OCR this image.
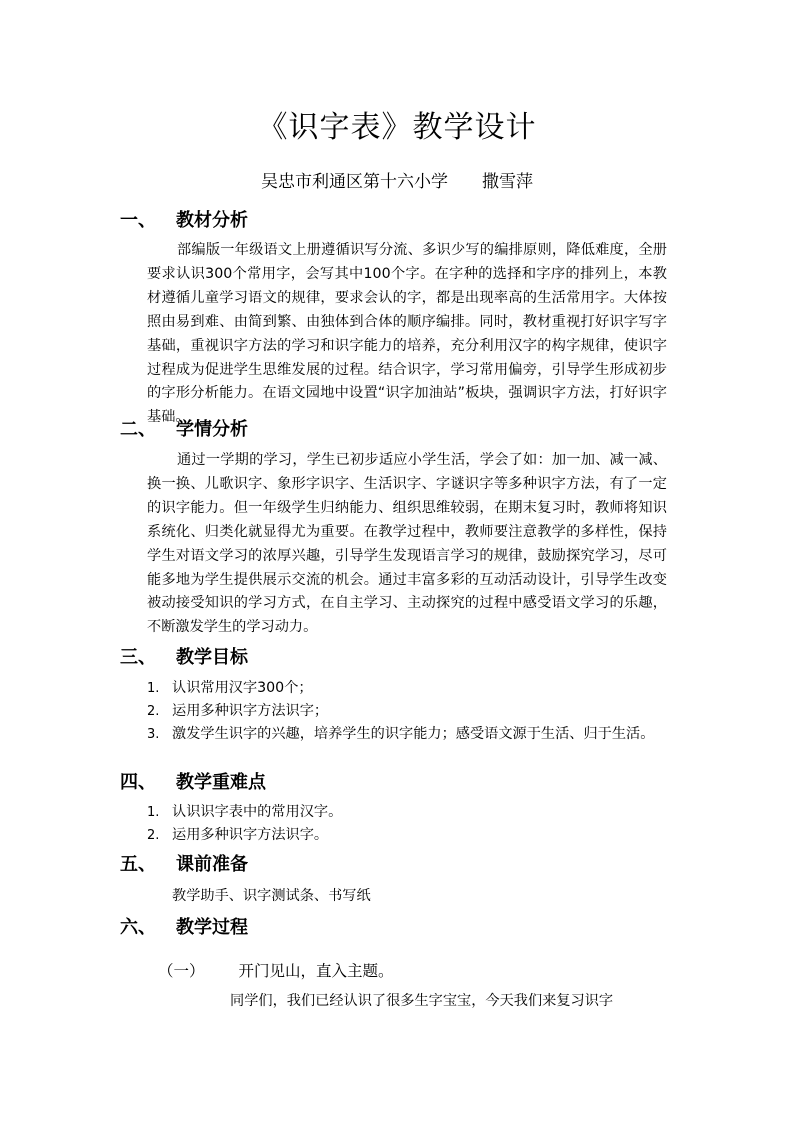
《识字表》教学设计
吴忠市利通区第十六小学 撒雪萍
一、 教材分析
部编版一年级语文上册遵循识写分流、多识少写的编排原则，降低难度，全册要求认识300个常用字，会写其中100个字。在字种的选择和字序的排列上，本教材遵循儿童学习语文的规律，要求会认的字，都是出现率高的生活常用字。大体按照由易到难、由简到繁、由独体到合体的顺序编排。同时，教材重视打好识字写字基础，重视识字方法的学习和识字能力的培养，充分利用汉字的构字规律，使识字过程成为促进学生思维发展的过程。结合识字，学习常用偏旁，引导学生形成初步的字形分析能力。在语文园地中设置“识字加油站”板块，强调识字方法，打好识字基础。
二、 学情分析
通过一学期的学习，学生已初步适应小学生活，学会了如：加一加、减一减、换一换、儿歌识字、象形字识字、生活识字、字谜识字等多种识字方法，有了一定的识字能力。但一年级学生归纳能力、组织思维较弱，在期末复习时，教师将知识系统化、归类化就显得尤为重要。在教学过程中，教师要注意教学的多样性，保持学生对语文学习的浓厚兴趣，引导学生发现语言学习的规律，鼓励探究学习，尽可能多地为学生提供展示交流的机会。通过丰富多彩的互动活动设计，引导学生改变被动接受知识的学习方式，在自主学习、主动探究的过程中感受语文学习的乐趣，不断激发学生的学习动力。
三、 教学目标
1. 认识常用汉字300个；
2. 运用多种识字方法识字；
3. 激发学生识字的兴趣，培养学生的识字能力；感受语文源于生活、归于生活。
四、 教学重难点
1. 认识识字表中的常用汉字。
2. 运用多种识字方法识字。
五、 课前准备
教学助手、识字测试条、书写纸
六、 教学过程
（一） 开门见山，直入主题。
同学们，我们已经认识了很多生字宝宝，今天我们来复习识字
